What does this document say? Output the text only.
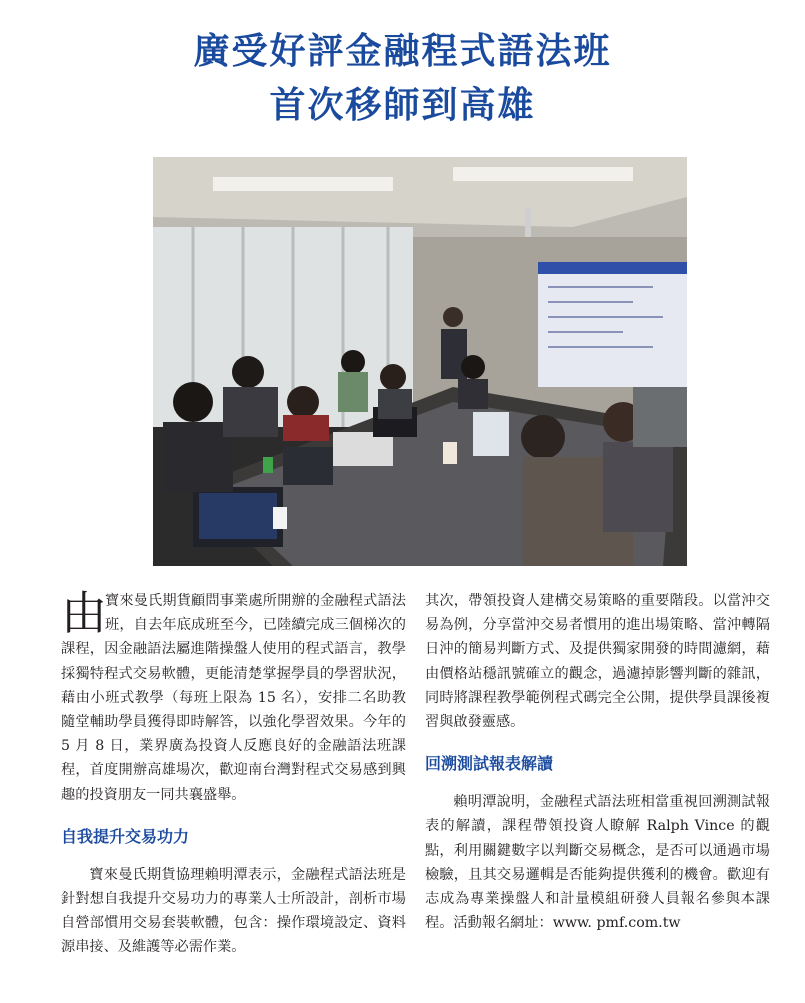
廣受好評金融程式語法班
首次移師到高雄
由
寶來曼氏期貨顧問事業處所開辦的金融程式語法班，自去年底成班至今，已陸續完成三個梯次的課程，因金融語法屬進階操盤人使用的程式語言，教學採獨特程式交易軟體，更能清楚掌握學員的學習狀況，藉由小班式教學（每班上限為 15 名），安排二名助教隨堂輔助學員獲得即時解答，以強化學習效果。今年的 5 月 8 日，業界廣為投資人反應良好的金融語法班課程，首度開辦高雄場次，歡迎南台灣對程式交易感到興趣的投資朋友一同共襄盛舉。
自我提升交易功力
寶來曼氏期貨協理賴明潭表示，金融程式語法班是針對想自我提升交易功力的專業人士所設計，剖析市場自營部慣用交易套裝軟體，包含：操作環境設定、資料源串接、及維護等必需作業。
其次，帶領投資人建構交易策略的重要階段。以當沖交易為例，分享當沖交易者慣用的進出場策略、當沖轉隔日沖的簡易判斷方式、及提供獨家開發的時間濾網，藉由價格站穩訊號確立的觀念，過濾掉影響判斷的雜訊，同時將課程教學範例程式碼完全公開，提供學員課後複習與啟發靈感。
回溯測試報表解讀
賴明潭說明，金融程式語法班相當重視回溯測試報表的解讀，課程帶領投資人瞭解 Ralph Vince 的觀點，利用關鍵數字以判斷交易概念，是否可以通過市場檢驗，且其交易邏輯是否能夠提供獲利的機會。歡迎有志成為專業操盤人和計量模組研發人員報名參與本課程。活動報名網址：www. pmf.com.tw
